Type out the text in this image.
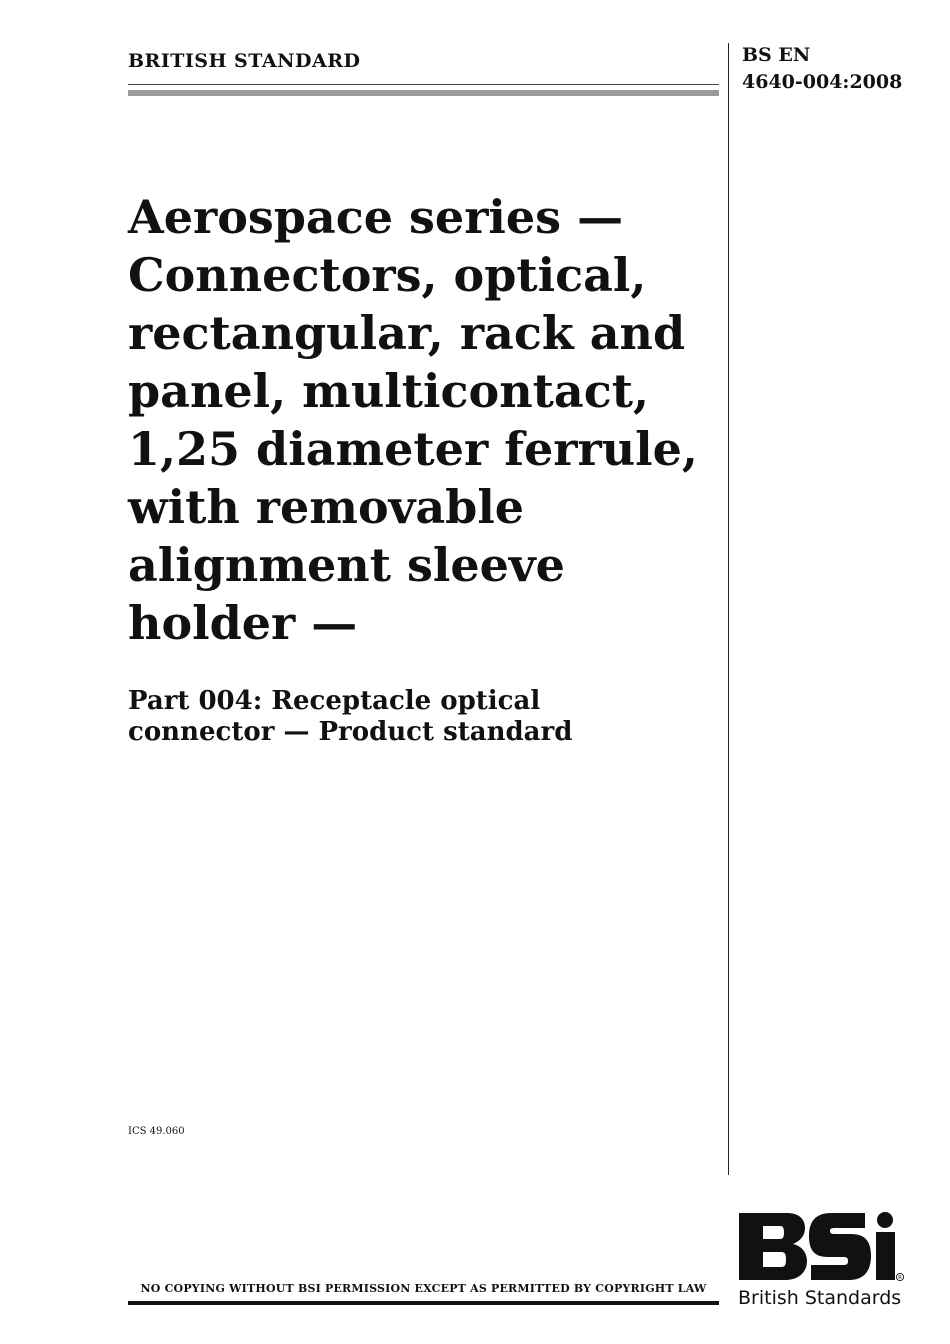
BRITISH STANDARD	BS EN
4640-004:2008

Aerospace series —
Connectors, optical,
rectangular, rack and
panel, multicontact,
1,25 diameter ferrule,
with removable
alignment sleeve
holder —
Part 004: Receptacle optical
connector — Product standard

ICS 49.060

NO COPYING WITHOUT BSI PERMISSION EXCEPT AS PERMITTED BY COPYRIGHT LAW

R

British Standards
